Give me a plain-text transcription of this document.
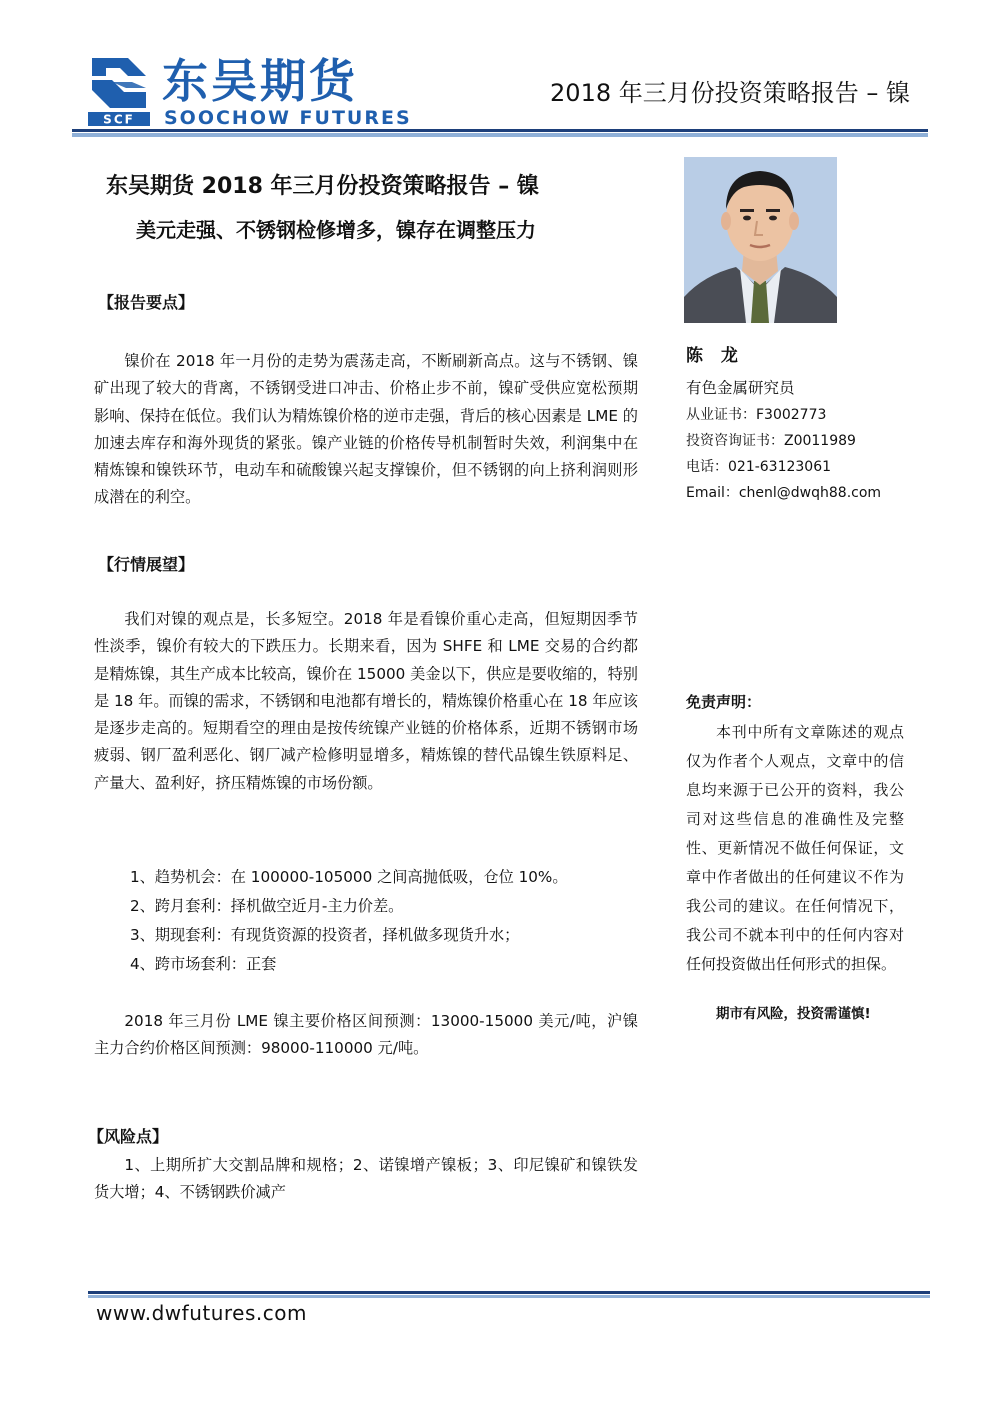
SCF
东吴期货
SOOCHOW FUTURES
2018 年三月份投资策略报告 – 镍
东吴期货 2018 年三月份投资策略报告 – 镍
美元走强、不锈钢检修增多，镍存在调整压力
【报告要点】

镍价在 2018 年一月份的走势为震荡走高，不断刷新高点。这与不锈钢、镍矿出现了较大的背离，不锈钢受进口冲击、价格止步不前，镍矿受供应宽松预期影响、保持在低位。我们认为精炼镍价格的逆市走强，背后的核心因素是 LME 的加速去库存和海外现货的紧张。镍产业链的价格传导机制暂时失效，利润集中在精炼镍和镍铁环节，电动车和硫酸镍兴起支撑镍价，但不锈钢的向上挤利润则形成潜在的利空。

【行情展望】

我们对镍的观点是，长多短空。2018 年是看镍价重心走高，但短期因季节性淡季，镍价有较大的下跌压力。长期来看，因为 SHFE 和 LME 交易的合约都是精炼镍，其生产成本比较高，镍价在 15000 美金以下，供应是要收缩的，特别是 18 年。而镍的需求，不锈钢和电池都有增长的，精炼镍价格重心在 18 年应该是逐步走高的。短期看空的理由是按传统镍产业链的价格体系，近期不锈钢市场疲弱、钢厂盈利恶化、钢厂减产检修明显增多，精炼镍的替代品镍生铁原料足、产量大、盈利好，挤压精炼镍的市场份额。

1、趋势机会：在 100000-105000 之间高抛低吸，仓位 10%。
2、跨月套利：择机做空近月-主力价差。
3、期现套利：有现货资源的投资者，择机做多现货升水；
4、跨市场套利：正套

2018 年三月份 LME 镍主要价格区间预测：13000-15000 美元/吨，沪镍主力合约价格区间预测：98000-110000 元/吨。

【风险点】

1、上期所扩大交割品牌和规格；2、诺镍增产镍板；3、印尼镍矿和镍铁发货大增；4、不锈钢跌价减产

陈 龙
有色金属研究员
从业证书：F3002773
投资咨询证书：Z0011989
电话：021-63123061
Email：chenl@dwqh88.com
免责声明：

本刊中所有文章陈述的观点仅为作者个人观点，文章中的信息均来源于已公开的资料，我公司对这些信息的准确性及完整性、更新情况不做任何保证，文章中作者做出的任何建议不作为我公司的建议。在任何情况下，我公司不就本刊中的任何内容对任何投资做出任何形式的担保。

期市有风险，投资需谨慎!
www.dwfutures.com
